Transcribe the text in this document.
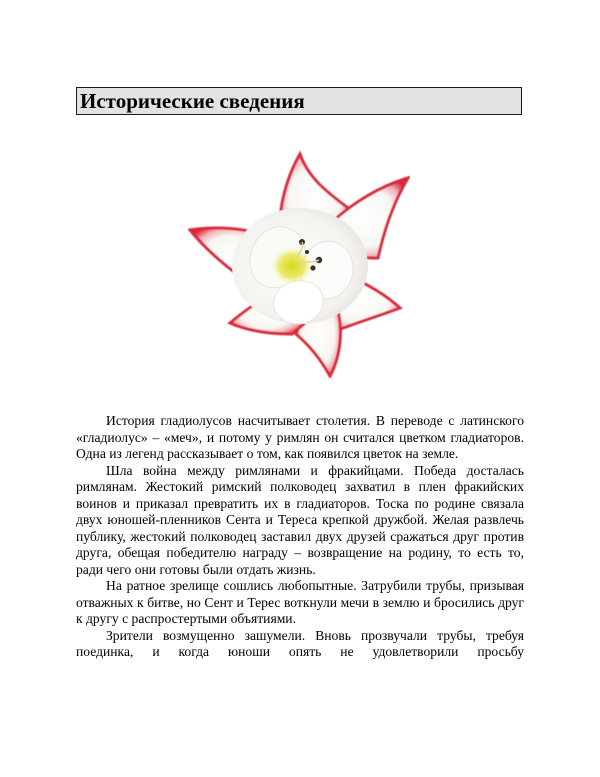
Исторические сведения

История гладиолусов насчитывает столетия. В переводе с латинского «гладиолус» – «меч», и потому у римлян он считался цветком гладиаторов. Одна из легенд рассказывает о том, как появился цветок на земле.

Шла война между римлянами и фракийцами. Победа досталась римлянам. Жестокий римский полководец захватил в плен фракийских воинов и приказал превратить их в гладиаторов. Тоска по родине связала двух юношей-пленников Сента и Тереса крепкой дружбой. Желая развлечь публику, жестокий полководец заставил двух друзей сражаться друг против друга, обещая победителю награду – возвращение на родину, то есть то, ради чего они готовы были отдать жизнь.

На ратное зрелище сошлись любопытные. Затрубили трубы, призывая отважных к битве, но Сент и Терес воткнули мечи в землю и бросились друг к другу с распростертыми объятиями.

Зрители возмущенно зашумели. Вновь прозвучали трубы, требуя поединка, и когда юноши опять не удовлетворили просьбу
